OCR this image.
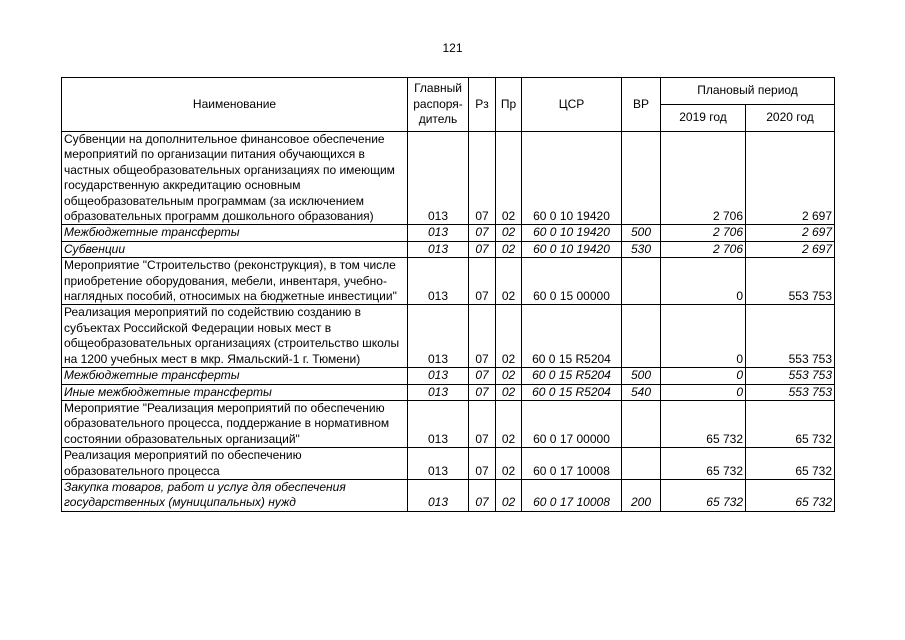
121
Наименование	Главный распоря-дитель	Рз	Пр	ЦСР	ВР	Плановый период	
						2019 год	2020 год
Субвенции на дополнительное финансовое обеспечение мероприятий по организации питания обучающихся в частных общеобразовательных организациях по имеющим государственную аккредитацию основным общеобразовательным программам (за исключением образовательных программ дошкольного образования)	013	07	02	60 0 10 19420		2 706	2 697
Межбюджетные трансферты	013	07	02	60 0 10 19420	500	2 706	2 697
Субвенции	013	07	02	60 0 10 19420	530	2 706	2 697
Мероприятие "Строительство (реконструкция), в том числе приобретение оборудования, мебели, инвентаря, учебно-наглядных пособий, относимых на бюджетные инвестиции"	013	07	02	60 0 15 00000		0	553 753
Реализация мероприятий по содействию созданию в субъектах Российской Федерации новых мест в общеобразовательных организациях (строительство школы на 1200 учебных мест в мкр. Ямальский-1 г. Тюмени)	013	07	02	60 0 15 R5204		0	553 753
Межбюджетные трансферты	013	07	02	60 0 15 R5204	500	0	553 753
Иные межбюджетные трансферты	013	07	02	60 0 15 R5204	540	0	553 753
Мероприятие "Реализация мероприятий по обеспечению образовательного процесса, поддержание в нормативном состоянии образовательных организаций"	013	07	02	60 0 17 00000		65 732	65 732
Реализация мероприятий по обеспечению образовательного процесса	013	07	02	60 0 17 10008		65 732	65 732
Закупка товаров, работ и услуг для обеспечения государственных (муниципальных) нужд	013	07	02	60 0 17 10008	200	65 732	65 732
